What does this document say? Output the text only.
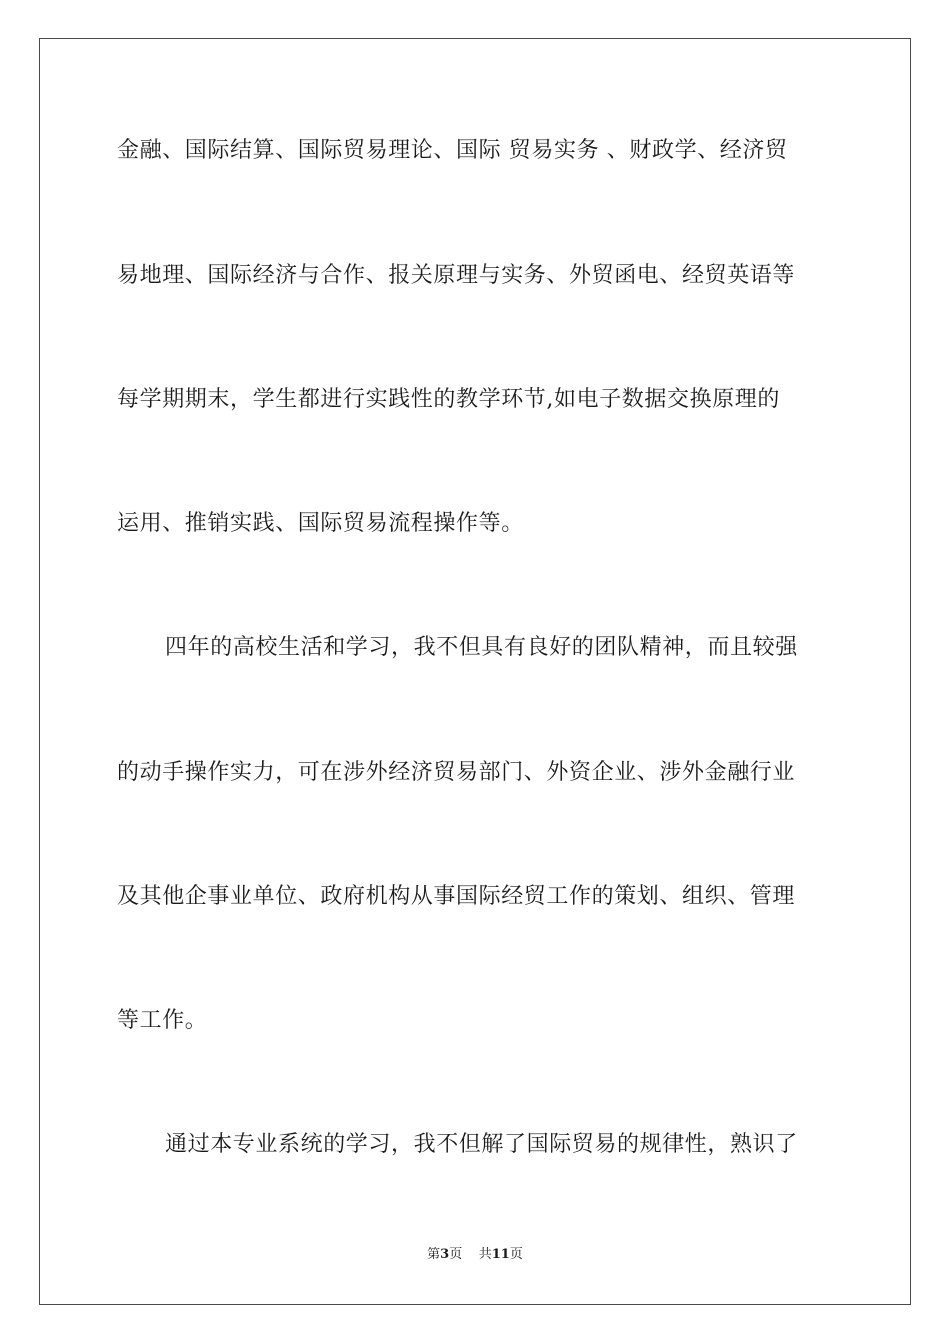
金融、国际结算、国际贸易理论、国际 贸易实务 、财政学、经济贸
易地理、国际经济与合作、报关原理与实务、外贸函电、经贸英语等
每学期期末，学生都进行实践性的教学环节,如电子数据交换原理的
运用、推销实践、国际贸易流程操作等。
四年的高校生活和学习，我不但具有良好的团队精神，而且较强
的动手操作实力，可在涉外经济贸易部门、外资企业、涉外金融行业
及其他企事业单位、政府机构从事国际经贸工作的策划、组织、管理
等工作。
通过本专业系统的学习，我不但解了国际贸易的规律性，熟识了
第3页 共11页
